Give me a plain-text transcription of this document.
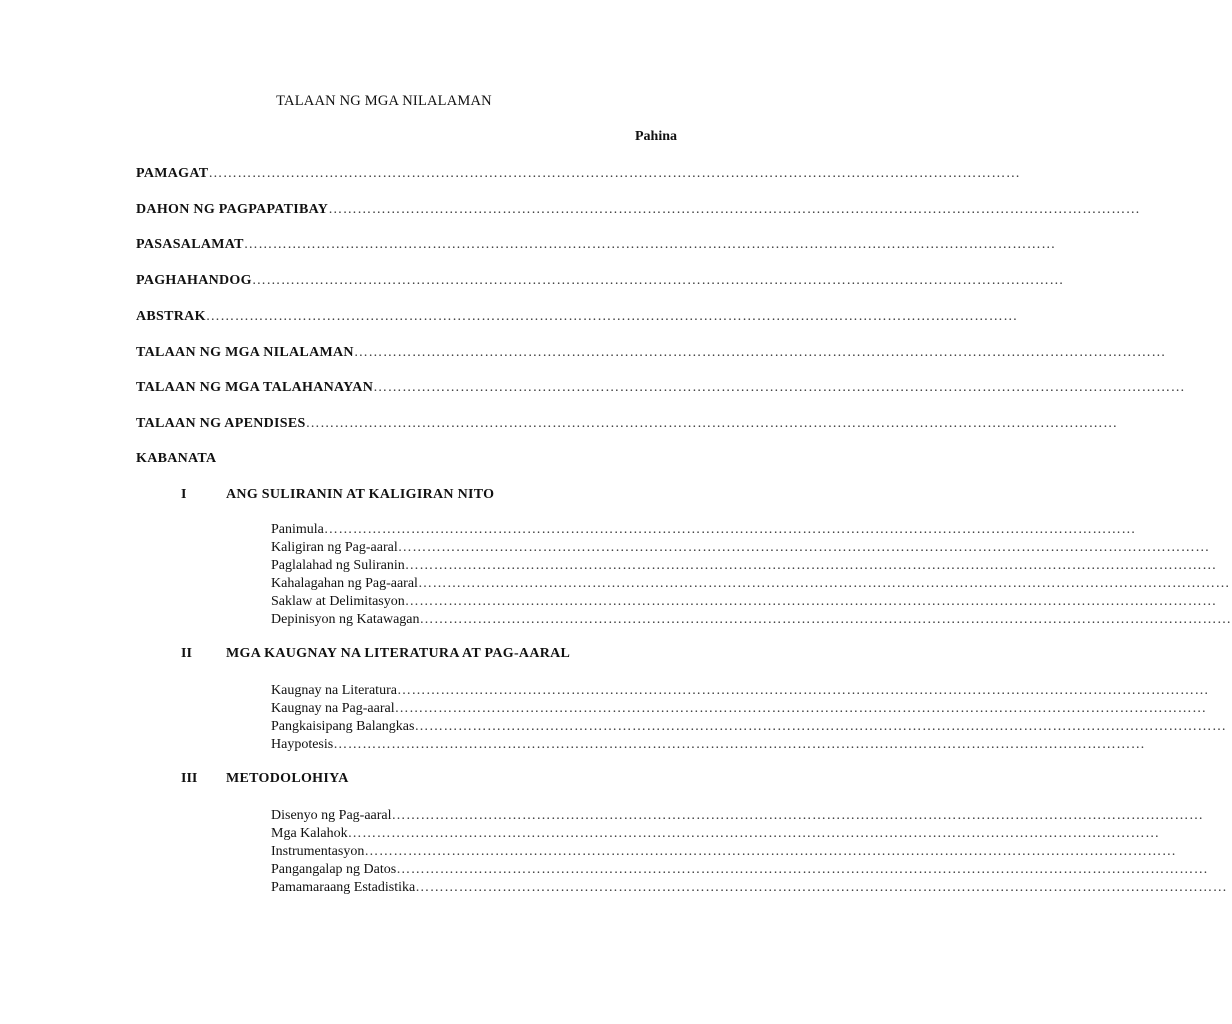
TALAAN NG MGA NILALAMAN
Pahina
PAMAGAT……………………………………………………………………………………………………………………………………………………
DAHON NG PAGPAPATIBAY……………………………………………………………………………………………………………………………………………………
PASASALAMAT……………………………………………………………………………………………………………………………………………………
PAGHAHANDOG……………………………………………………………………………………………………………………………………………………
ABSTRAK……………………………………………………………………………………………………………………………………………………
TALAAN NG MGA NILALAMAN……………………………………………………………………………………………………………………………………………………
TALAAN NG MGA TALAHANAYAN……………………………………………………………………………………………………………………………………………………
TALAAN NG APENDISES……………………………………………………………………………………………………………………………………………………
KABANATA
I	ANG SULIRANIN AT KALIGIRAN NITO
Panimula……………………………………………………………………………………………………………………………………………………
Kaligiran ng Pag-aaral……………………………………………………………………………………………………………………………………………………
Paglalahad ng Suliranin……………………………………………………………………………………………………………………………………………………
Kahalagahan ng Pag-aaral……………………………………………………………………………………………………………………………………………………
Saklaw at Delimitasyon……………………………………………………………………………………………………………………………………………………
Depinisyon ng Katawagan……………………………………………………………………………………………………………………………………………………
II MGA KAUGNAY NA LITERATURA AT PAG-AARAL
Kaugnay na Literatura……………………………………………………………………………………………………………………………………………………
Kaugnay na Pag-aaral……………………………………………………………………………………………………………………………………………………
Pangkaisipang Balangkas……………………………………………………………………………………………………………………………………………………
Haypotesis……………………………………………………………………………………………………………………………………………………
III METODOLOHIYA
Disenyo ng Pag-aaral……………………………………………………………………………………………………………………………………………………
Mga Kalahok……………………………………………………………………………………………………………………………………………………
Instrumentasyon……………………………………………………………………………………………………………………………………………………
Pangangalap ng Datos……………………………………………………………………………………………………………………………………………………
Pamamaraang Estadistika……………………………………………………………………………………………………………………………………………………
